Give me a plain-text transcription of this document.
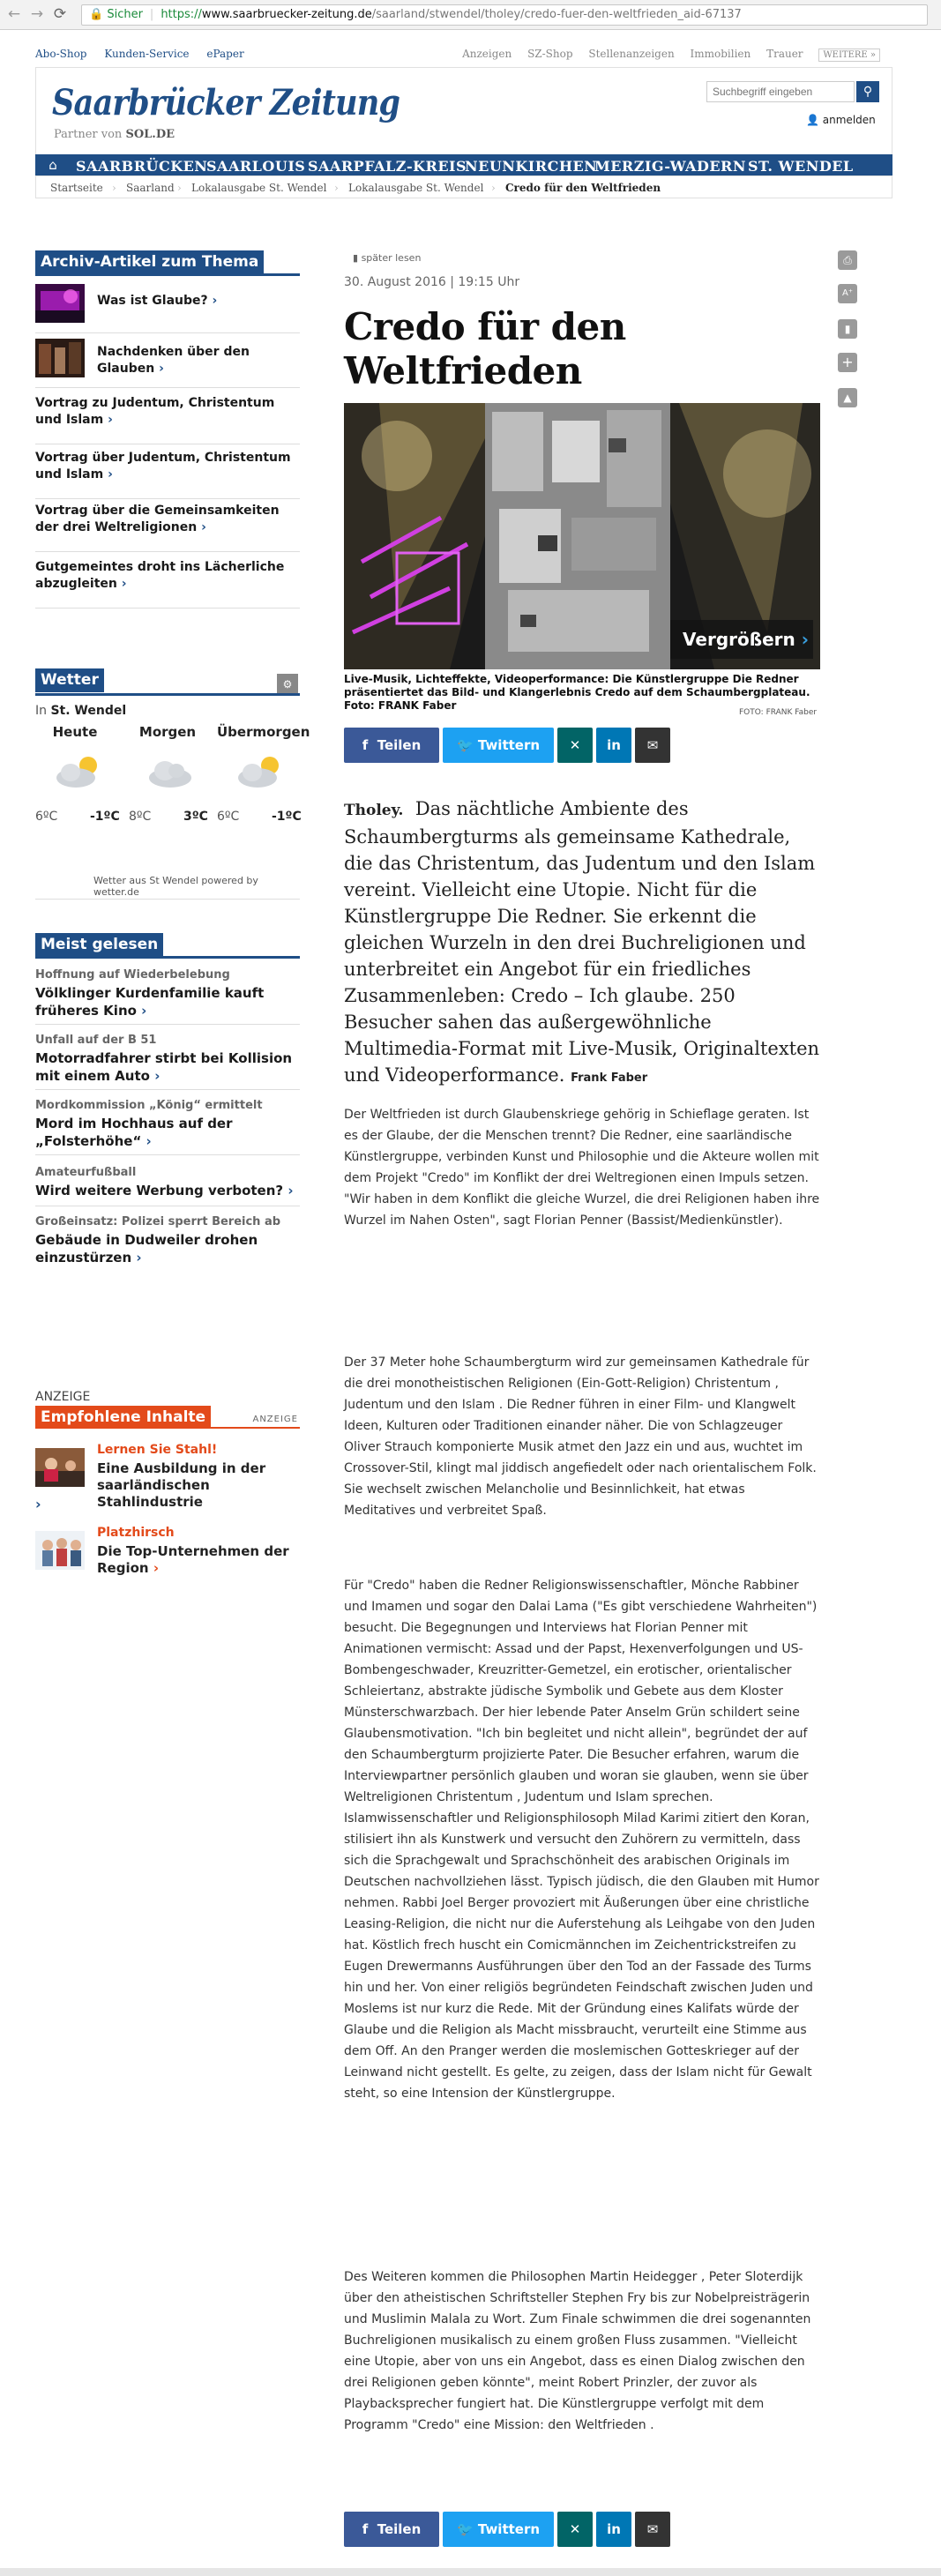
← → ⟳	🔒 Sicher | https://www.saarbruecker-zeitung.de/saarland/stwendel/tholey/credo-fuer-den-weltfrieden_aid-67137
Abo-Shop Kunden-Service ePaper	Anzeigen SZ-Shop Stellenanzeigen Immobilien Trauer WEITERE »
Saarbrücker Zeitung
Partner von SOL.DE
Suchbegriff eingeben
⚲
👤 anmelden
⌂	SAARBRÜCKEN
SAARLOUIS SAARPFALZ-KREIS
NEUNKIRCHEN
MERZIG-WADERN ST. WENDEL
Startseite › Saarland › Lokalausgabe St. Wendel › Lokalausgabe St. Wendel › Credo für den Weltfrieden
Archiv-Artikel zum Thema
Was ist Glaube? ›
Nachdenken über den Glauben ›
Vortrag zu Judentum, Christentum und Islam ›
Vortrag über Judentum, Christentum und Islam ›
Vortrag über die Gemeinsamkeiten der drei Weltreligionen ›
Gutgemeintes droht ins Lächerliche abzugleiten ›
Wetter	⚙
In St. Wendel
Heute	Morgen	Übermorgen
6ºC	-1ºC 8ºC	3ºC 6ºC	-1ºC
Wetter aus St Wendel powered by wetter.de
Meist gelesen
Hoffnung auf Wiederbelebung
Völklinger Kurdenfamilie kauft früheres Kino ›
Unfall auf der B 51
Motorradfahrer stirbt bei Kollision mit einem Auto ›
Mordkommission „König“ ermittelt
Mord im Hochhaus auf der „Folsterhöhe“ ›
Amateurfußball
Wird weitere Werbung verboten? ›
Großeinsatz: Polizei sperrt Bereich ab
Gebäude in Dudweiler drohen einzustürzen ›
ANZEIGE
Empfohlene Inhalte	ANZEIGE
Lernen Sie Stahl!
Eine Ausbildung in der saarländischen Stahlindustrie
›
Platzhirsch
Die Top-Unternehmen der Region ›
⎙
A⁺
▮
+
▲
▮ später lesen
30. August 2016 | 19:15 Uhr
Credo für den Weltfrieden
Vergrößern ›
Live-Musik, Lichteffekte, Videoperformance: Die Künstlergruppe Die Redner präsentiertet das Bild- und Klangerlebnis Credo auf dem Schaumbergplateau. Foto: FRANK Faber
FOTO: FRANK Faber
f Teilen	🐦 Twittern	✕	in	✉
Tholey. Das nächtliche Ambiente des Schaumbergturms als gemeinsame Kathedrale, die das Christentum, das Judentum und den Islam vereint. Vielleicht eine Utopie. Nicht für die Künstlergruppe Die Redner. Sie erkennt die gleichen Wurzeln in den drei Buchreligionen und unterbreitet ein Angebot für ein friedliches Zusammenleben: Credo – Ich glaube. 250 Besucher sahen das außergewöhnliche Multimedia-Format mit Live-Musik, Originaltexten und Videoperformance. Frank Faber

Der Weltfrieden ist durch Glaubenskriege gehörig in Schieflage geraten. Ist es der Glaube, der die Menschen trennt? Die Redner, eine saarländische Künstlergruppe, verbinden Kunst und Philosophie und die Akteure wollen mit dem Projekt "Credo" im Konflikt der drei Weltregionen einen Impuls setzen. "Wir haben in dem Konflikt die gleiche Wurzel, die drei Religionen haben ihre Wurzel im Nahen Osten", sagt Florian Penner (Bassist/Medienkünstler).

Der 37 Meter hohe Schaumbergturm wird zur gemeinsamen Kathedrale für die drei monotheistischen Religionen (Ein-Gott-Religion) Christentum , Judentum und den Islam . Die Redner führen in einer Film- und Klangwelt Ideen, Kulturen oder Traditionen einander näher. Die von Schlagzeuger Oliver Strauch komponierte Musik atmet den Jazz ein und aus, wuchtet im Crossover-Stil, klingt mal jiddisch angefiedelt oder nach orientalischem Folk. Sie wechselt zwischen Melancholie und Besinnlichkeit, hat etwas Meditatives und verbreitet Spaß.

Für "Credo" haben die Redner Religionswissenschaftler, Mönche Rabbiner und Imamen und sogar den Dalai Lama ("Es gibt verschiedene Wahrheiten") besucht. Die Begegnungen und Interviews hat Florian Penner mit Animationen vermischt: Assad und der Papst, Hexenverfolgungen und US-Bombengeschwader, Kreuzritter-Gemetzel, ein erotischer, orientalischer Schleiertanz, abstrakte jüdische Symbolik und Gebete aus dem Kloster Münsterschwarzbach. Der hier lebende Pater Anselm Grün schildert seine Glaubensmotivation. "Ich bin begleitet und nicht allein", begründet der auf den Schaumbergturm projizierte Pater. Die Besucher erfahren, warum die Interviewpartner persönlich glauben und woran sie glauben, wenn sie über Weltreligionen Christentum , Judentum und Islam sprechen. Islamwissenschaftler und Religionsphilosoph Milad Karimi zitiert den Koran, stilisiert ihn als Kunstwerk und versucht den Zuhörern zu vermitteln, dass sich die Sprachgewalt und Sprachschönheit des arabischen Originals im Deutschen nachvollziehen lässt. Typisch jüdisch, die den Glauben mit Humor nehmen. Rabbi Joel Berger provoziert mit Äußerungen über eine christliche Leasing-Religion, die nicht nur die Auferstehung als Leihgabe von den Juden hat. Köstlich frech huscht ein Comicmännchen im Zeichentrickstreifen zu Eugen Drewermanns Ausführungen über den Tod an der Fassade des Turms hin und her. Von einer religiös begründeten Feindschaft zwischen Juden und Moslems ist nur kurz die Rede. Mit der Gründung eines Kalifats würde der Glaube und die Religion als Macht missbraucht, verurteilt eine Stimme aus dem Off. An den Pranger werden die moslemischen Gotteskrieger auf der Leinwand nicht gestellt. Es gelte, zu zeigen, dass der Islam nicht für Gewalt steht, so eine Intension der Künstlergruppe.

Des Weiteren kommen die Philosophen Martin Heidegger , Peter Sloterdijk über den atheistischen Schriftsteller Stephen Fry bis zur Nobelpreisträgerin und Muslimin Malala zu Wort. Zum Finale schwimmen die drei sogenannten Buchreligionen musikalisch zu einem großen Fluss zusammen. "Vielleicht eine Utopie, aber von uns ein Angebot, dass es einen Dialog zwischen den drei Religionen geben könnte", meint Robert Prinzler, der zuvor als Playbacksprecher fungiert hat. Die Künstlergruppe verfolgt mit dem Programm "Credo" eine Mission: den Weltfrieden .

f Teilen	🐦 Twittern	✕	in	✉
